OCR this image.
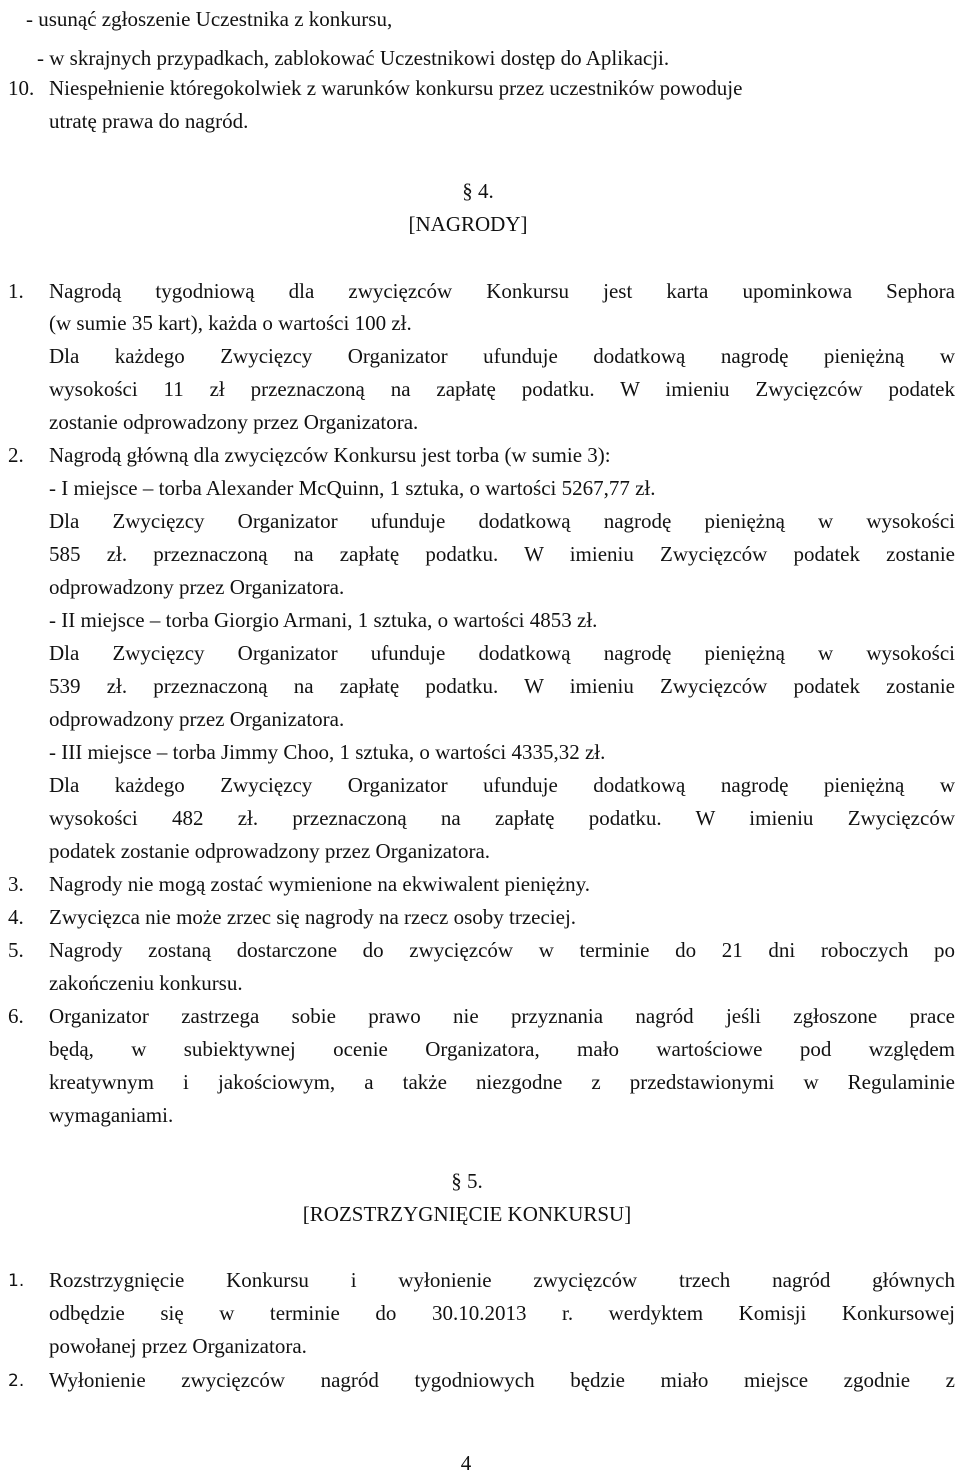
- usunąć zgłoszenie Uczestnika z konkursu,
- w skrajnych przypadkach, zablokować Uczestnikowi dostęp do Aplikacji.
10. Niespełnienie któregokolwiek z warunków konkursu przez uczestników powoduje
utratę prawa do nagród.
§ 4.
[NAGRODY]
1. Nagrodą tygodniową dla zwycięzców Konkursu jest karta upominkowa Sephora
(w sumie 35 kart), każda o wartości 100 zł.
Dla każdego Zwycięzcy Organizator ufunduje dodatkową nagrodę pieniężną w
wysokości 11 zł przeznaczoną na zapłatę podatku. W imieniu Zwycięzców podatek
zostanie odprowadzony przez Organizatora.
2. Nagrodą główną dla zwycięzców Konkursu jest torba (w sumie 3):
- I miejsce – torba Alexander McQuinn, 1 sztuka, o wartości 5267,77 zł.
Dla Zwycięzcy Organizator ufunduje dodatkową nagrodę pieniężną w wysokości
585 zł. przeznaczoną na zapłatę podatku. W imieniu Zwycięzców podatek zostanie
odprowadzony przez Organizatora.
- II miejsce – torba Giorgio Armani, 1 sztuka, o wartości 4853 zł.
Dla Zwycięzcy Organizator ufunduje dodatkową nagrodę pieniężną w wysokości
539 zł. przeznaczoną na zapłatę podatku. W imieniu Zwycięzców podatek zostanie
odprowadzony przez Organizatora.
- III miejsce – torba Jimmy Choo, 1 sztuka, o wartości 4335,32 zł.
Dla każdego Zwycięzcy Organizator ufunduje dodatkową nagrodę pieniężną w
wysokości 482 zł. przeznaczoną na zapłatę podatku. W imieniu Zwycięzców
podatek zostanie odprowadzony przez Organizatora.
3. Nagrody nie mogą zostać wymienione na ekwiwalent pieniężny.
4. Zwycięzca nie może zrzec się nagrody na rzecz osoby trzeciej.
5. Nagrody zostaną dostarczone do zwycięzców w terminie do 21 dni roboczych po
zakończeniu konkursu.
6. Organizator zastrzega sobie prawo nie przyznania nagród jeśli zgłoszone prace
będą, w subiektywnej ocenie Organizatora, mało wartościowe pod względem
kreatywnym i jakościowym, a także niezgodne z przedstawionymi w Regulaminie
wymaganiami.
§ 5.
[ROZSTRZYGNIĘCIE KONKURSU]
1. Rozstrzygnięcie Konkursu i wyłonienie zwycięzców trzech nagród głównych
odbędzie się w terminie do 30.10.2013 r. werdyktem Komisji Konkursowej
powołanej przez Organizatora.
2. Wyłonienie zwycięzców nagród tygodniowych będzie miało miejsce zgodnie z
4
